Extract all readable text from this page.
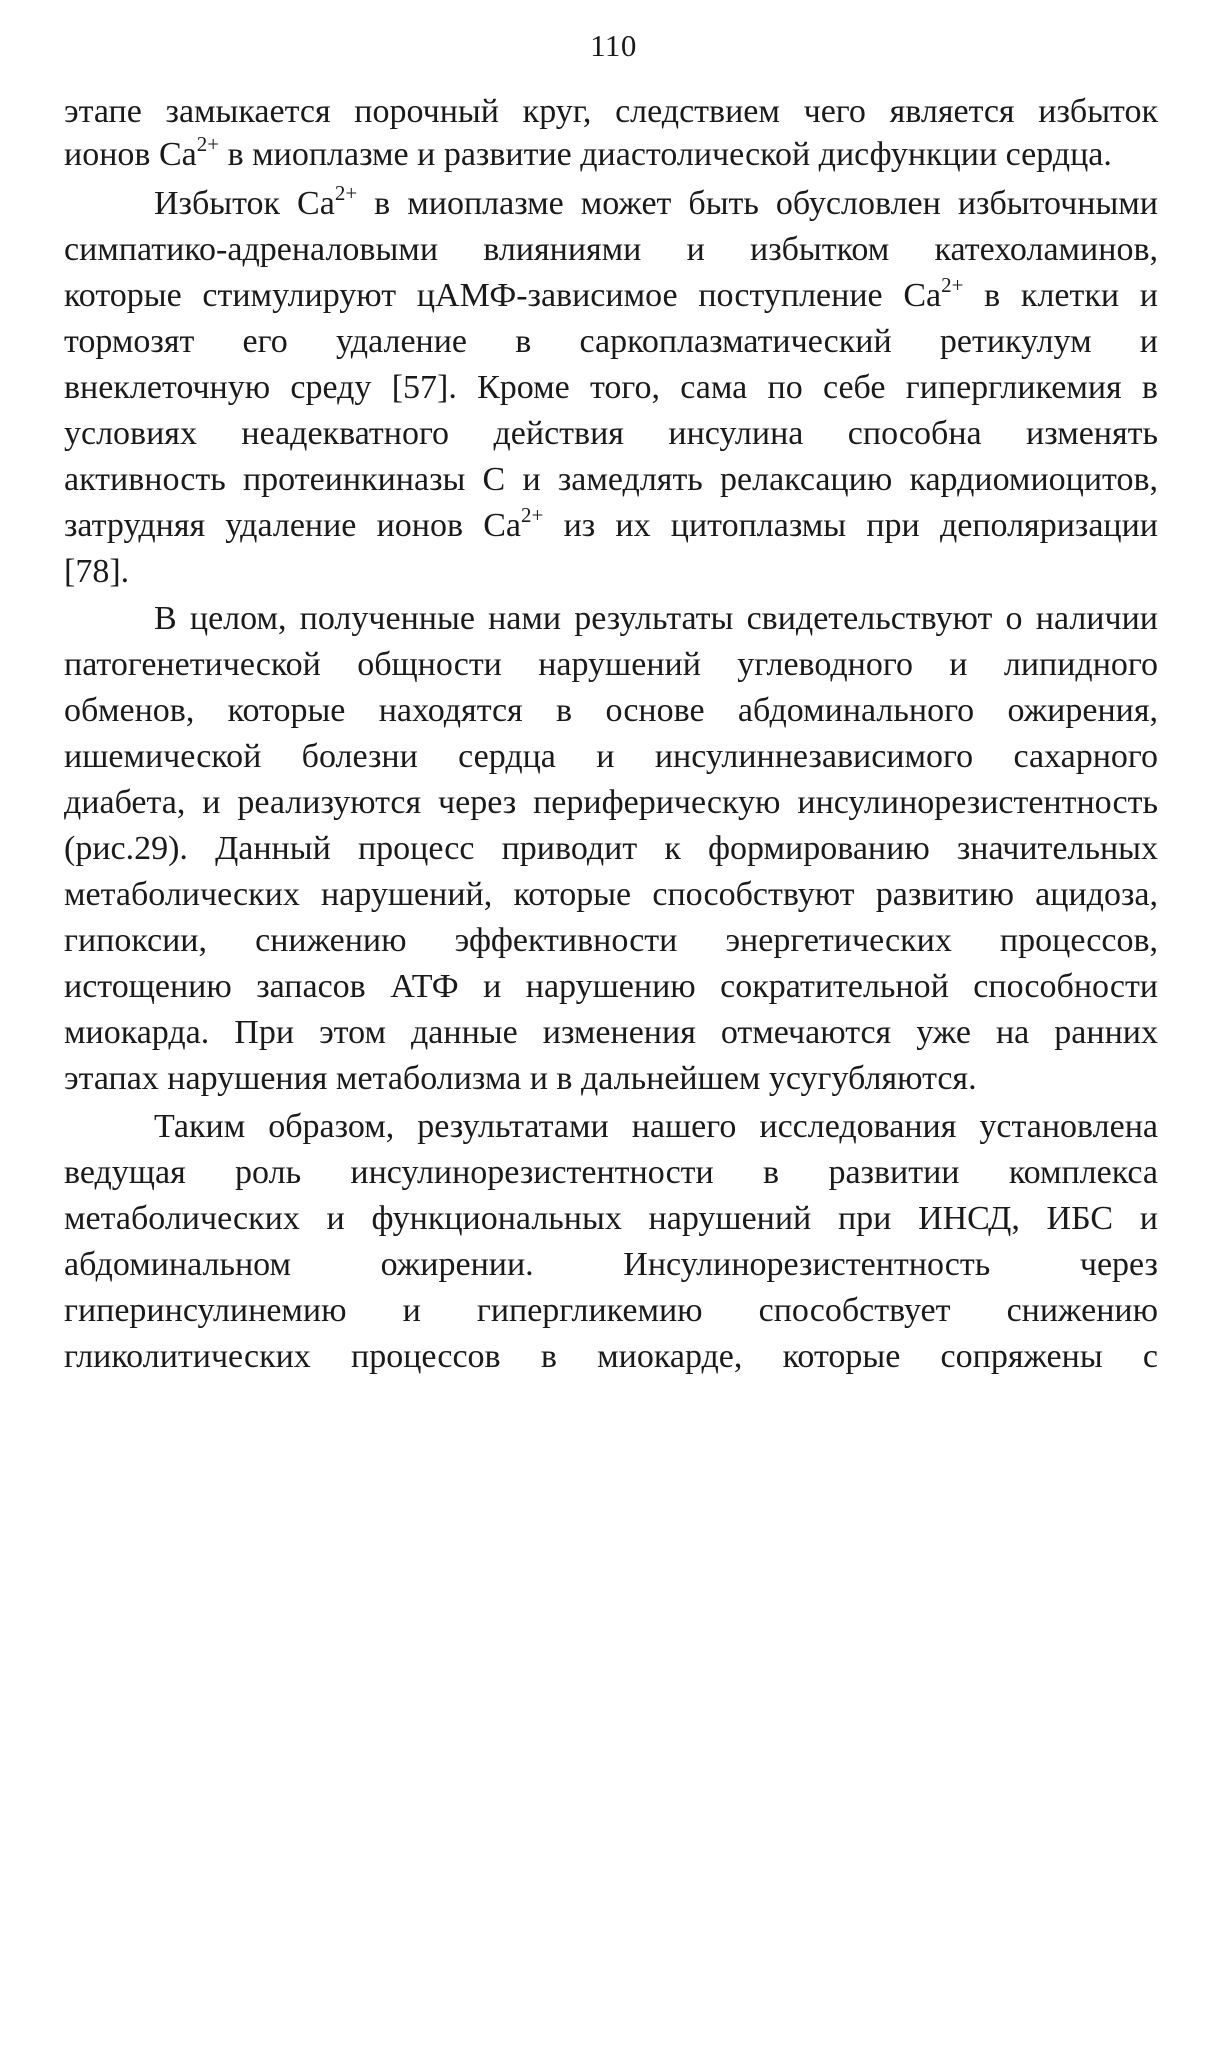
110
этапе замыкается порочный круг, следствием чего является избыток
ионов $Ca^{2+}$ в миоплазме и развитие диастолической дисфункции сердца.
Избыток $Ca^{2+}$ в миоплазме может быть обусловлен избыточными
симпатико-адреналовыми влияниями и избытком катехоламинов,
которые стимулируют цАМФ-зависимое поступление $Ca^{2+}$ в клетки и
тормозят его удаление в саркоплазматический ретикулум и
внеклеточную среду [57]. Кроме того, сама по себе гипергликемия в
условиях неадекватного действия инсулина способна изменять
активность протеинкиназы С и замедлять релаксацию кардиомиоцитов,
затрудняя удаление ионов $Ca^{2+}$ из их цитоплазмы при деполяризации
[78].
В целом, полученные нами результаты свидетельствуют о наличии
патогенетической общности нарушений углеводного и липидного
обменов, которые находятся в основе абдоминального ожирения,
ишемической болезни сердца и инсулиннезависимого сахарного
диабета, и реализуются через периферическую инсулинорезистентность
(рис.29). Данный процесс приводит к формированию значительных
метаболических нарушений, которые способствуют развитию ацидоза,
гипоксии, снижению эффективности энергетических процессов,
истощению запасов АТФ и нарушению сократительной способности
миокарда. При этом данные изменения отмечаются уже на ранних
этапах нарушения метаболизма и в дальнейшем усугубляются.
Таким образом, результатами нашего исследования установлена
ведущая роль инсулинорезистентности в развитии комплекса
метаболических и функциональных нарушений при ИНСД, ИБС и
абдоминальном ожирении. Инсулинорезистентность через
гиперинсулинемию и гипергликемию способствует снижению
гликолитических процессов в миокарде, которые сопряжены с
